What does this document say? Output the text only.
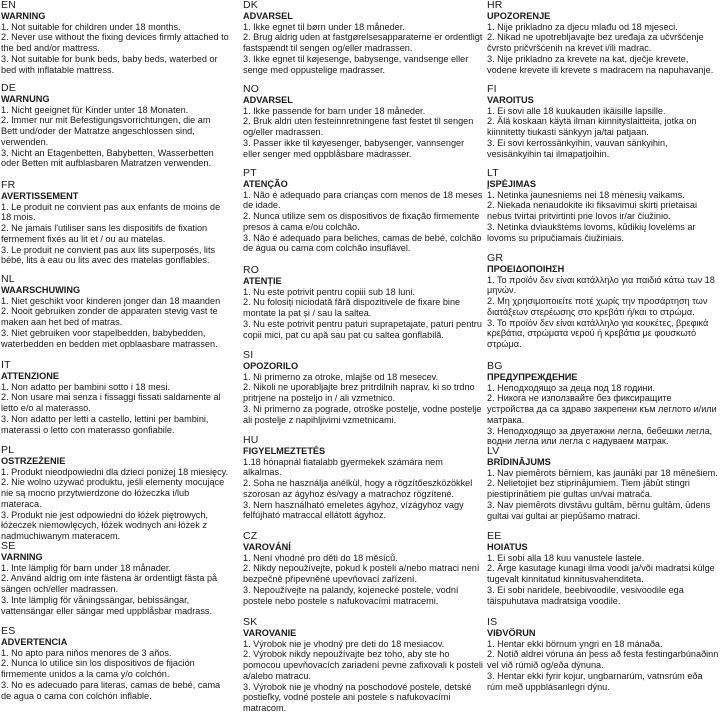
EN

WARNING

1. Not suitable for children under 18 months.

2. Never use without the fixing devices firmly attached to the bed and/or mattress.

3. Not suitable for bunk beds, baby beds, waterbed or bed with inflatable mattress.

DE

WARNUNG

1. Nicht geeignet für Kinder unter 18 Monaten.

2. Immer nur mit Befestigungsvorrichtungen, die am Bett und/oder der Matratze angeschlossen sind, verwenden.

3. Nicht an Etagenbetten, Babybetten, Wasserbetten oder Betten mit aufblasbaren Matratzen verwenden.

FR

AVERTISSEMENT

1. Le produit ne convient pas aux enfants de moins de 18 mois.

2. Ne jamais l'utiliser sans les dispositifs de fixation fermement fixés au lit et / ou au matelas.

3. Le produit ne convient pas aux lits superposés, lits bébé, lits à eau ou lits avec des matelas gonflables.

NL

WAARSCHUWING

1. Niet geschikt voor kinderen jonger dan 18 maanden

2. Nooit gebruiken zonder de apparaten stevig vast te maken aan het bed of matras.

3. Niet gebruiken voor stapelbedden, babybedden, waterbedden en bedden met opblaasbare matrassen.

IT

ATTENZIONE

1. Non adatto per bambini sotto i 18 mesi.

2. Non usare mai senza i fissaggi fissati saldamente al letto e/o al materasso.

3. Non adatto per letti a castello, lettini per bambini, materassi o letto con materasso gonfiabile.

PL

OSTRZEŻENIE

1. Produkt nieodpowiedni dla dzieci poniżej 18 miesięcy.

2. Nie wolno używać produktu, jeśli elementy mocujące nie są mocno przytwierdzone do łóżeczka i/lub materaca.

3. Produkt nie jest odpowiedni do łóżek piętrowych, łóżeczek niemowlęcych, łóżek wodnych ani łóżek z nadmuchiwanym materacem.

SE

VARNING

1. Inte lämplig för barn under 18 månader.

2. Använd aldrig om inte fästena är ordentligt fästa på sängen och/eller madrassen.

3. Inte lämplig för våningssängar, bebissängar, vattensängar eller sängar med uppblåsbar madrass.

ES

ADVERTENCIA

1. No apto para niños menores de 3 años.

2. Nunca lo utilice sin los dispositivos de fijación firmemente unidos a la cama y/o colchón.

3. No es adecuado para literas, camas de bebé, cama de agua o cama con colchón inflable.

DK

ADVARSEL

1. Ikke egnet til børn under 18 måneder.

2. Brug aldrig uden at fastgørelsesapparaterne er ordentligt fastspændt til sengen og/eller madrassen.

3. Ikke egnet til køjesenge, babysenge, vandsenge eller senge med oppustelige madrasser.

NO

ADVARSEL

1. Ikke passende for barn under 18 måneder.

2. Bruk aldri uten festeinnretningene fast festet til sengen og/eller madrassen.

3. Passer ikke til køyesenger, babysenger, vannsenger eller senger med oppblåsbare madrasser.

PT

ATENÇÃO

1. Não é adequado para crianças com menos de 18 meses de idade.

2. Nunca utilize sem os dispositivos de fixação firmemente presos à cama e/ou colchão.

3. Não é adequado para beliches, camas de bebé, colchão de água ou cama com colchão insuflável.

RO

ATENȚIE

1. Nu este potrivit pentru copiii sub 18 luni.

2. Nu folosiți niciodată fără dispozitivele de fixare bine montate la pat și / sau la saltea.

3. Nu este potrivit pentru paturi suprapetajate, paturi pentru copii mici, pat cu apă sau pat cu saltea gonflabilă.

SI

OPOZORILO

1. Ni primerno za otroke, mlajše od 18 mesecev.

2. Nikoli ne uporabljajte brez pritrdilnih naprav, ki so trdno pritrjene na posteljo in / ali vzmetnico.

3. Ni primerno za pograde, otroške postelje, vodne postelje ali postelje z napihljivimi vzmetnicami.

HU

FIGYELMEZTETÉS

1.18 hónapnál fiatalabb gyermekek számára nem alkalmas.

2. Soha ne használja anélkül, hogy a rögzítőeszközökkel szorosan az ágyhoz és/vagy a matrachoz rögzítené.

3. Nem használható emeletes ágyhoz, vízágyhoz vagy felfújható matraccal ellátott ágyhoz.

CZ

VAROVÁNÍ

1. Není vhodné pro děti do 18 měsíců.

2. Nikdy nepoužívejte, pokud k posteli a/nebo matraci není bezpečně připevněné upevňovací zařízení.

3. Nepoužívejte na palandy, kojenecké postele, vodní postele nebo postele s nafukovacími matracemi.

SK

VAROVANIE

1. Výrobok nie je vhodný pre deti do 18 mesiacov.

2. Výrobok nikdy nepoužívajte bez toho, aby ste ho pomocou upevňovacích zariadení pevne zafixovali k posteli a/alebo matracu.

3. Výrobok nie je vhodný na poschodové postele, detské postieľky, vodné postele ani postele s nafukovacími matracom.

HR

UPOZORENJE

1. Nije prikladno za djecu mlađu od 18 mjeseci.

2. Nikad ne upotrebljavajte bez uređaja za učvršćenje čvrsto pričvršćenih na krevet i/ili madrac.

3. Nije prikladno za krevete na kat, dječje krevete, vodene krevete ili krevete s madracem na napuhavanje.

FI

VAROITUS

1. Ei sovi alle 18 kuukauden ikäisille lapsille.

2. Älä koskaan käytä ilman kiinnityslaitteita, jotka on kiinnitetty tiukasti sänkyyn ja/tai patjaan.

3. Ei sovi kerrossänkyihin, vauvan sänkyihin, vesisänkyihin tai ilmapatjoihin.

LT

ĮSPĖJIMAS

1. Netinka jaunesniems nei 18 mėnesių vaikams.

2. Niekada nenaudokite iki fiksavimui skirti prietaisai nebus tvirtai pritvirtinti prie lovos ir/ar čiužinio.

3. Netinka dviaukštėms lovoms, kūdikių lovelėms ar lovoms su pripučiamais čiužiniais.

GR

ΠΡΟΕΙΔΟΠΟΙΗΣΗ

1. Το προϊόν δεν είναι κατάλληλο για παιδιά κάτω των 18 μηνών.

2. Μη χρησιμοποιείτε ποτέ χωρίς την προσάρτηση των διατάξεων στερέωσης στο κρεβάτι ή/και το στρώμα.

3. Το προϊόν δεν είναι κατάλληλο για κουκέτες, βρεφικά κρεβάτια, στρώματα νερού ή κρεβάτια με φουσκωτό στρώμα.

BG

ПРЕДУПРЕЖДЕНИЕ

1. Неподходящо за деца под 18 години.

2. Никога не използвайте без фиксиращите устройства да са здраво закрепени към леглото и/или матрака.

3. Неподходящо за двуетажни легла, бебешки легла, водни легла или легла с надуваем матрак.

LV

BRĪDINĀJUMS

1. Nav piemērots bērniem, kas jaunāki par 18 mēnešiem.

2. Nelietojiet bez stiprinājumiem. Tiem jābūt stingri piestiprinātiem pie gultas un/vai matrača.

3. Nav piemērots divstāvu gultām, bērnu gultām, ūdens gultai vai gultai ar piepūšamo matraci.

EE

HOIATUS

1. Ei sobi alla 18 kuu vanustele lastele.

2. Ärge kasutage kunagi ilma voodi ja/või madratsi külge tugevalt kinnitatud kinnitusvahenditeta.

3. Ei sobi naridele, beebivoodile, vesivoodile ega täispuhutava madratsiga voodile.

IS

VIÐVÖRUN

1. Hentar ekki börnum yngri en 18 mánaða.

2. Notið aldrei vöruna án þess að festa festingarbúnaðinn vel við rúmið og/eða dýnuna.

3. Hentar ekki fyrir kojur, ungbarnarúm, vatnsrúm eða rúm með uppblásanlegri dýnu.
